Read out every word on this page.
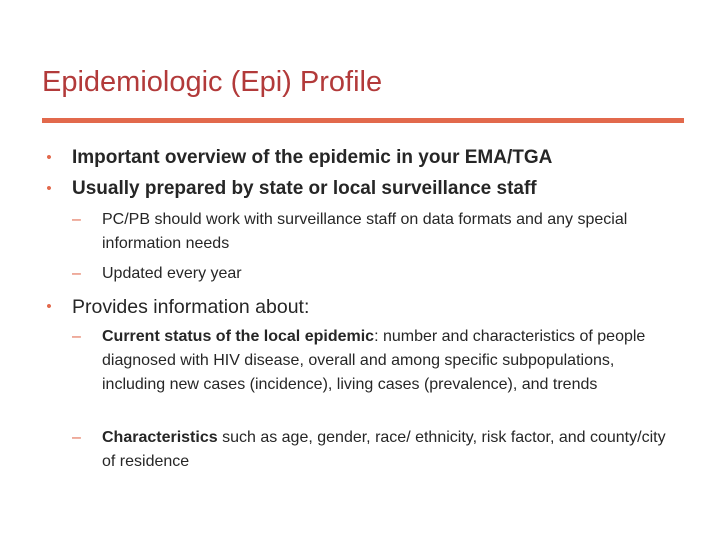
Epidemiologic (Epi) Profile
•	Important overview of the epidemic in your EMA/TGA
•	Usually prepared by state or local surveillance staff
–	PC/PB should work with surveillance staff on data formats and any special information needs
–	Updated every year
•	Provides information about:
–	Current status of the local epidemic: number and characteristics of people diagnosed with HIV disease, overall and among specific subpopulations, including new cases (incidence), living cases (prevalence), and trends
–	Characteristics such as age, gender, race/ ethnicity, risk factor, and county/city of residence
